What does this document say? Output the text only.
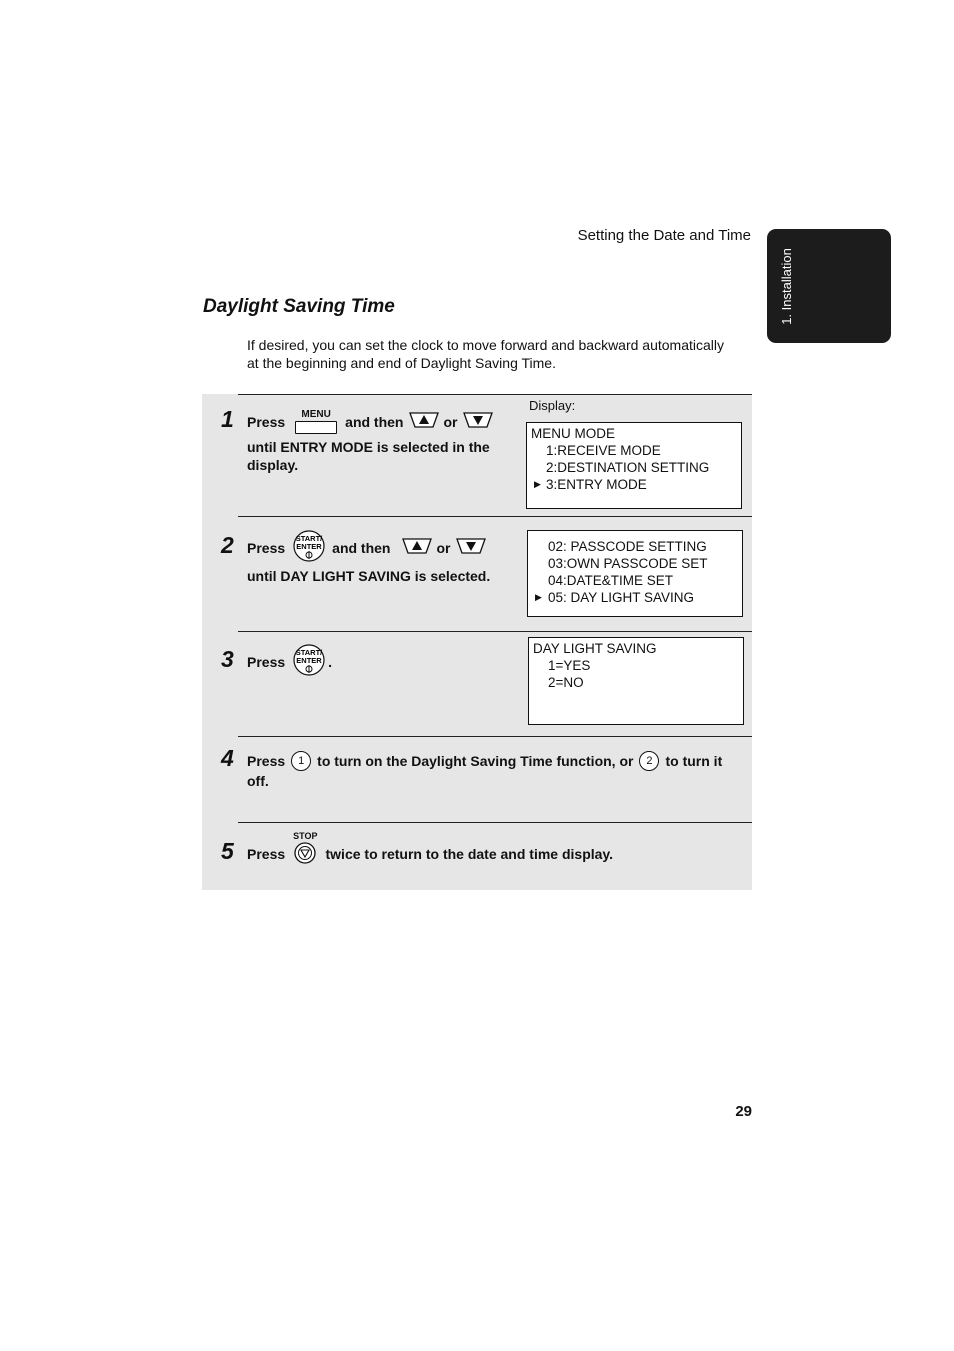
Setting the Date and Time
1. Installation
Daylight Saving Time
If desired, you can set the clock to move forward and backward automatically
at the beginning and end of Daylight Saving Time.
Display:
1 Press MENU and then	or
until ENTRY MODE is selected in the
display.
MENU MODE
1:RECEIVE MODE
2:DESTINATION SETTING
▶ 3:ENTRY MODE
2 Press
START/
ENTER and then	or
until DAY LIGHT SAVING is selected.
02: PASSCODE SETTING
03:OWN PASSCODE SET
04:DATE&TIME SET
▶ 05: DAY LIGHT SAVING
3 Press
START/
ENTER .
DAY LIGHT SAVING
1=YES
2=NO
4 Press	1 to turn on the Daylight Saving Time function, or	2 to turn it
off.
5 Press
STOP
twice to return to the date and time display.
29
